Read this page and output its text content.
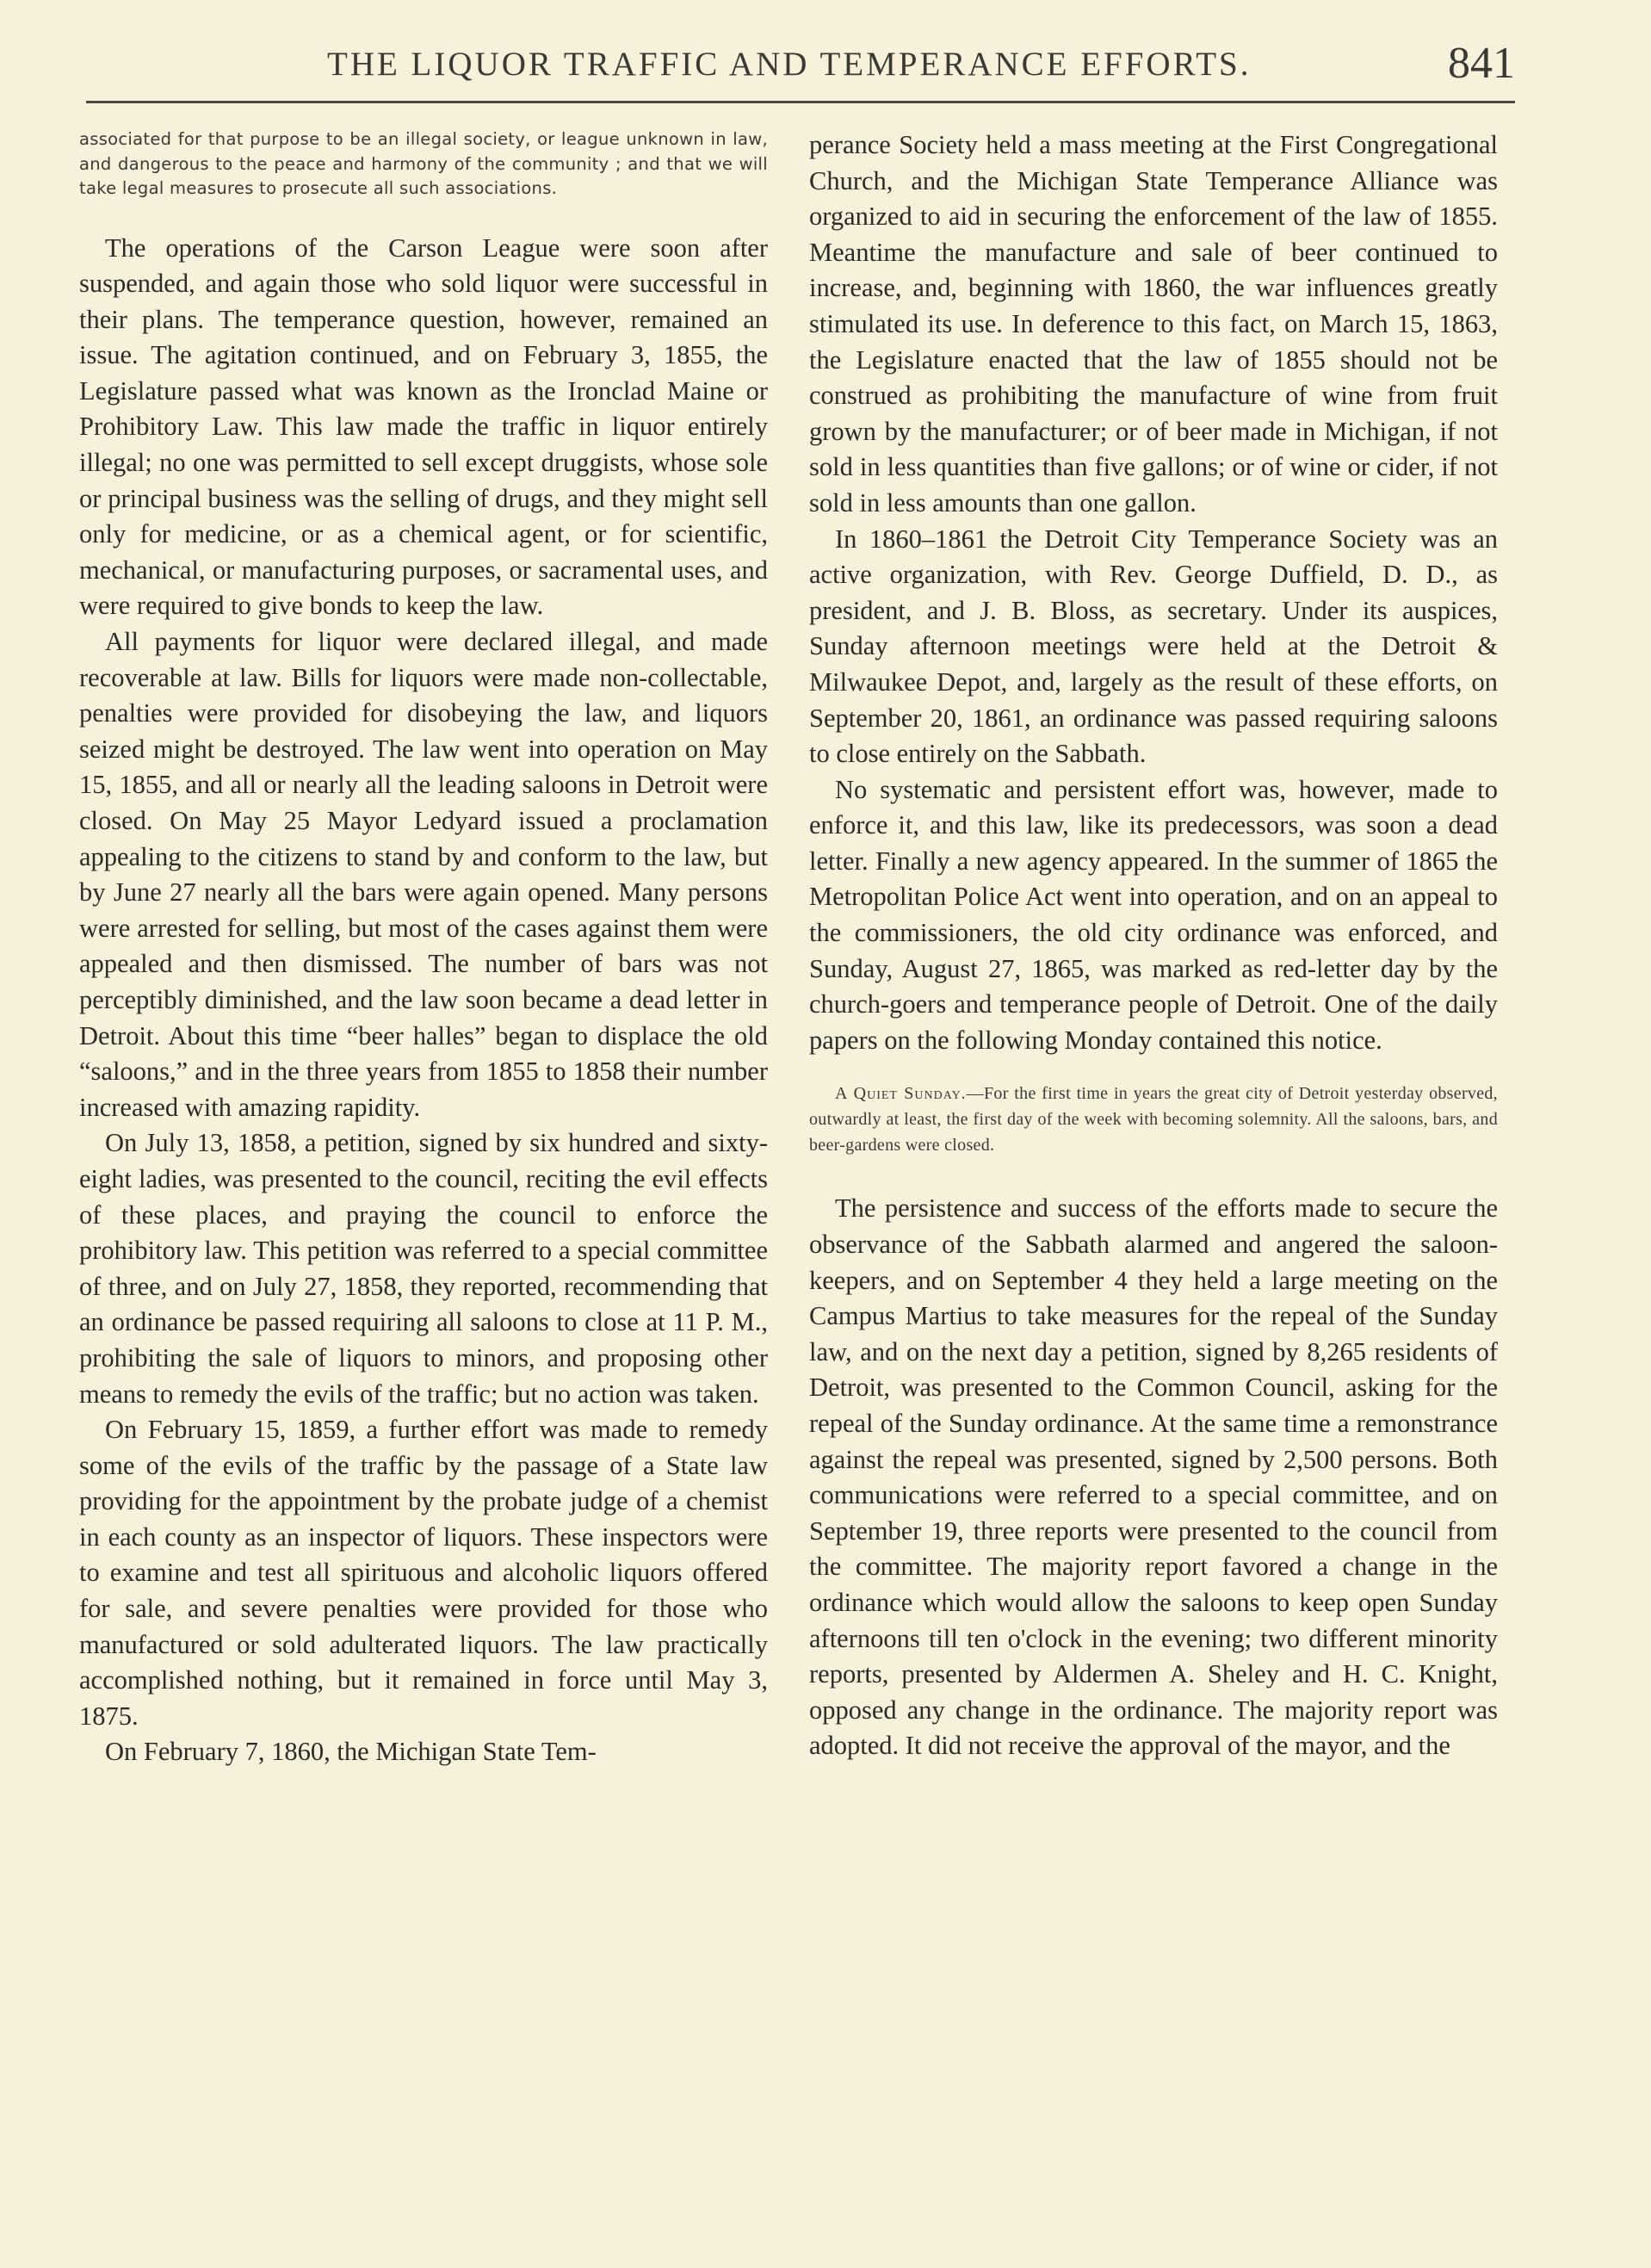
THE LIQUOR TRAFFIC AND TEMPERANCE EFFORTS.	841

associated for that purpose to be an illegal society, or league unknown in law, and dangerous to the peace and harmony of the community ; and that we will take legal measures to prosecute all such associations.

The operations of the Carson League were soon after suspended, and again those who sold liquor were successful in their plans. The temperance question, however, remained an issue. The agitation continued, and on February 3, 1855, the Legislature passed what was known as the Ironclad Maine or Prohibitory Law. This law made the traffic in liquor entirely illegal; no one was permitted to sell except druggists, whose sole or principal business was the selling of drugs, and they might sell only for medicine, or as a chemical agent, or for scientific, mechanical, or manufacturing purposes, or sacramental uses, and were required to give bonds to keep the law.

All payments for liquor were declared illegal, and made recoverable at law. Bills for liquors were made non-collectable, penalties were provided for disobeying the law, and liquors seized might be destroyed. The law went into operation on May 15, 1855, and all or nearly all the leading saloons in Detroit were closed. On May 25 Mayor Ledyard issued a proclamation appealing to the citizens to stand by and conform to the law, but by June 27 nearly all the bars were again opened. Many persons were arrested for selling, but most of the cases against them were appealed and then dismissed. The number of bars was not perceptibly diminished, and the law soon became a dead letter in Detroit. About this time “beer halles” began to displace the old “saloons,” and in the three years from 1855 to 1858 their number increased with amazing rapidity.

On July 13, 1858, a petition, signed by six hundred and sixty-eight ladies, was presented to the council, reciting the evil effects of these places, and praying the council to enforce the prohibitory law. This petition was referred to a special committee of three, and on July 27, 1858, they reported, recommending that an ordinance be passed requiring all saloons to close at 11 P. M., prohibiting the sale of liquors to minors, and proposing other means to remedy the evils of the traffic; but no action was taken.

On February 15, 1859, a further effort was made to remedy some of the evils of the traffic by the passage of a State law providing for the appointment by the probate judge of a chemist in each county as an inspector of liquors. These inspectors were to examine and test all spirituous and alcoholic liquors offered for sale, and severe penalties were provided for those who manufactured or sold adulterated liquors. The law practically accomplished nothing, but it remained in force until May 3, 1875.

On February 7, 1860, the Michigan State Tem-

perance Society held a mass meeting at the First Congregational Church, and the Michigan State Temperance Alliance was organized to aid in securing the enforcement of the law of 1855. Meantime the manufacture and sale of beer continued to increase, and, beginning with 1860, the war influences greatly stimulated its use. In deference to this fact, on March 15, 1863, the Legislature enacted that the law of 1855 should not be construed as prohibiting the manufacture of wine from fruit grown by the manufacturer; or of beer made in Michigan, if not sold in less quantities than five gallons; or of wine or cider, if not sold in less amounts than one gallon.

In 1860–1861 the Detroit City Temperance Society was an active organization, with Rev. George Duffield, D. D., as president, and J. B. Bloss, as secretary. Under its auspices, Sunday afternoon meetings were held at the Detroit & Milwaukee Depot, and, largely as the result of these efforts, on September 20, 1861, an ordinance was passed requiring saloons to close entirely on the Sabbath.

No systematic and persistent effort was, however, made to enforce it, and this law, like its predecessors, was soon a dead letter. Finally a new agency appeared. In the summer of 1865 the Metropolitan Police Act went into operation, and on an appeal to the commissioners, the old city ordinance was enforced, and Sunday, August 27, 1865, was marked as red-letter day by the church-goers and temperance people of Detroit. One of the daily papers on the following Monday contained this notice.

A Quiet Sunday.—For the first time in years the great city of Detroit yesterday observed, outwardly at least, the first day of the week with becoming solemnity. All the saloons, bars, and beer-gardens were closed.

The persistence and success of the efforts made to secure the observance of the Sabbath alarmed and angered the saloon-keepers, and on September 4 they held a large meeting on the Campus Martius to take measures for the repeal of the Sunday law, and on the next day a petition, signed by 8,265 residents of Detroit, was presented to the Common Council, asking for the repeal of the Sunday ordinance. At the same time a remonstrance against the repeal was presented, signed by 2,500 persons. Both communications were referred to a special committee, and on September 19, three reports were presented to the council from the committee. The majority report favored a change in the ordinance which would allow the saloons to keep open Sunday afternoons till ten o'clock in the evening; two different minority reports, presented by Aldermen A. Sheley and H. C. Knight, opposed any change in the ordinance. The majority report was adopted. It did not receive the approval of the mayor, and the
